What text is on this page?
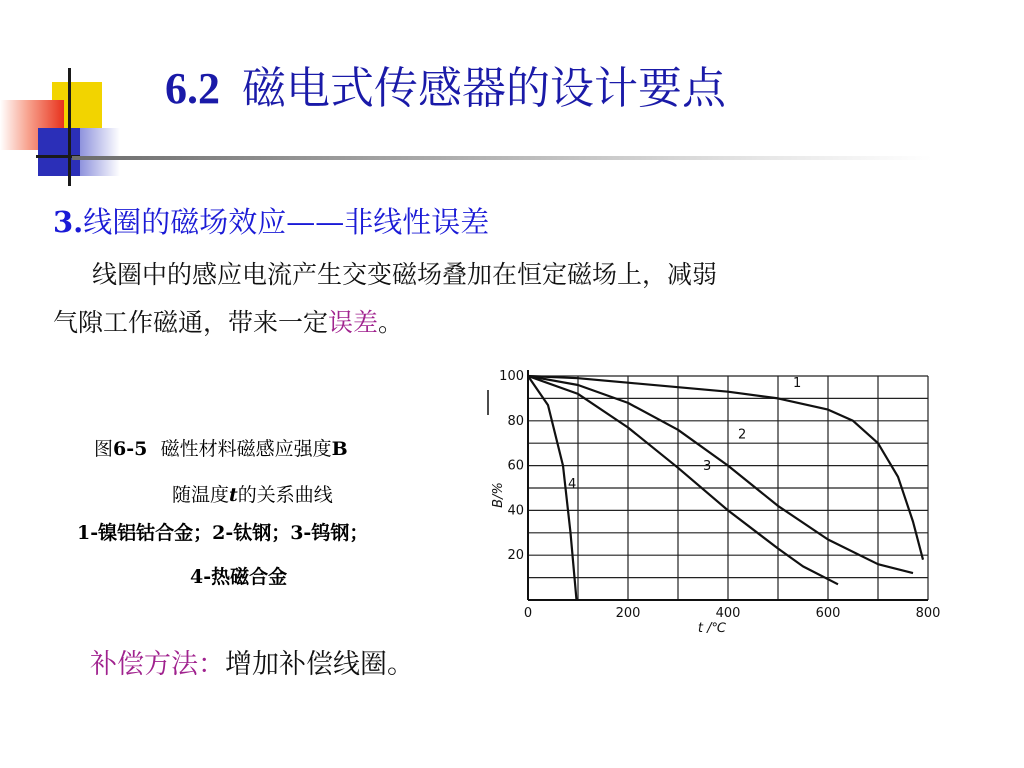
6.2 磁电式传感器的设计要点
3.线圈的磁场效应——非线性误差
线圈中的感应电流产生交变磁场叠加在恒定磁场上，减弱
气隙工作磁通，带来一定误差。
图6-5 磁性材料磁感应强度B
随温度t的关系曲线
1-镍铝钴合金；2-钛钢；3-钨钢；
4-热磁合金
20
40
60
80
100
0	200	400	600	800
1
2
3
4
B/%
t /℃
补偿方法：增加补偿线圈。
